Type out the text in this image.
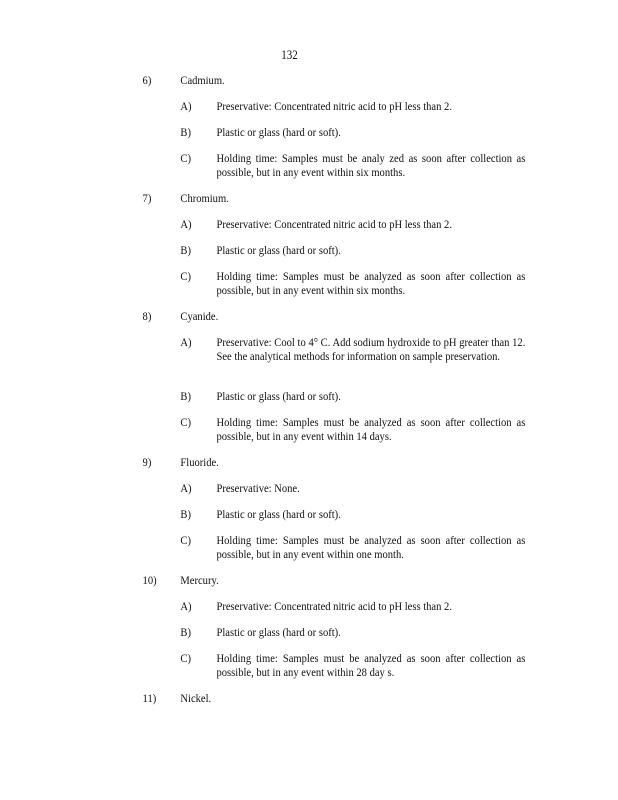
132
6) Cadmium.
A) Preservative: Concentrated nitric acid to pH less than 2.
B) Plastic or glass (hard or soft).
C) Holding time: Samples must be analy zed as soon after collection as possible, but in any event within six months.
7) Chromium.
A) Preservative: Concentrated nitric acid to pH less than 2.
B) Plastic or glass (hard or soft).
C) Holding time: Samples must be analyzed as soon after collection as possible, but in any event within six months.
8) Cyanide.
A) Preservative: Cool to 4° C. Add sodium hydroxide to pH greater than 12. See the analytical methods for information on sample preservation.
B) Plastic or glass (hard or soft).
C) Holding time: Samples must be analyzed as soon after collection as possible, but in any event within 14 days.
9) Fluoride.
A) Preservative: None.
B) Plastic or glass (hard or soft).
C) Holding time: Samples must be analyzed as soon after collection as possible, but in any event within one month.
10) Mercury.
A) Preservative: Concentrated nitric acid to pH less than 2.
B) Plastic or glass (hard or soft).
C) Holding time: Samples must be analyzed as soon after collection as possible, but in any event within 28 day s.
11) Nickel.
